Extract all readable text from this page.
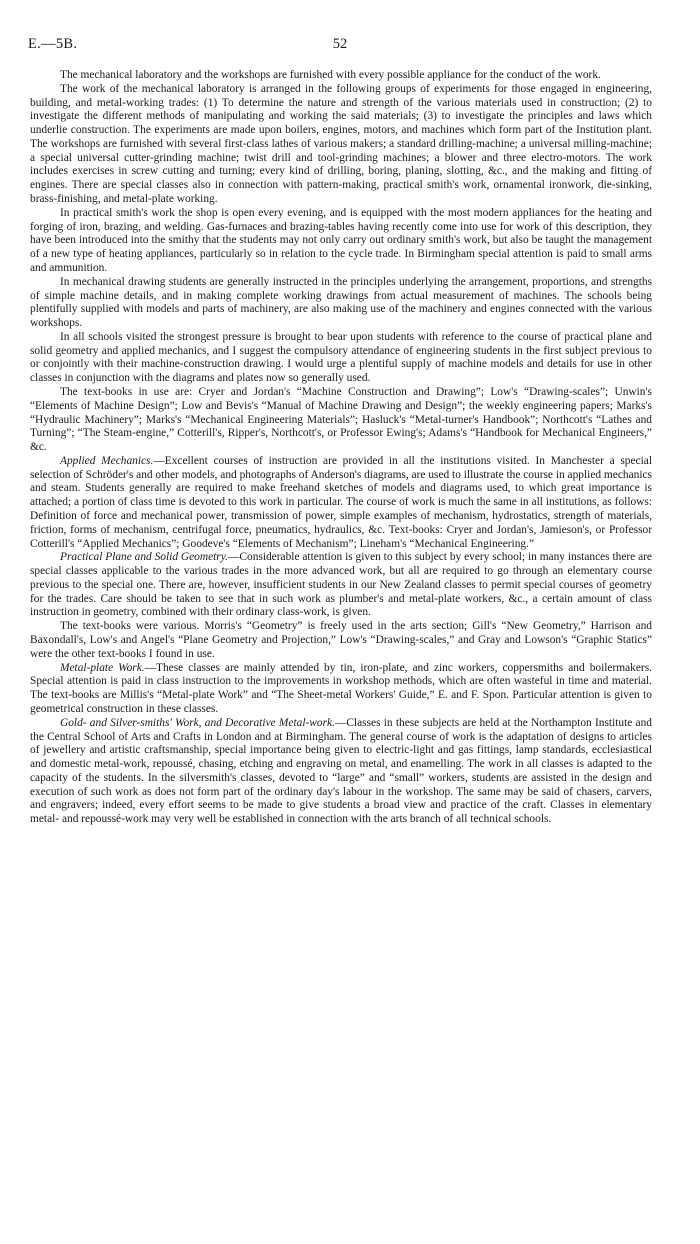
E.—5B.	52

The mechanical laboratory and the workshops are furnished with every possible appliance for the conduct of the work.

The work of the mechanical laboratory is arranged in the following groups of experiments for those engaged in engineering, building, and metal-working trades: (1) To determine the nature and strength of the various materials used in construction; (2) to investigate the different methods of manipulating and working the said materials; (3) to investigate the principles and laws which underlie construction. The experiments are made upon boilers, engines, motors, and machines which form part of the Institution plant. The workshops are furnished with several first-class lathes of various makers; a standard drilling-machine; a universal milling-machine; a special universal cutter-grinding machine; twist drill and tool-grinding machines; a blower and three electro-motors. The work includes exercises in screw cutting and turning; every kind of drilling, boring, planing, slotting, &c., and the making and fitting of engines. There are special classes also in connection with pattern-making, practical smith's work, ornamental ironwork, die-sinking, brass-finishing, and metal-plate working.

In practical smith's work the shop is open every evening, and is equipped with the most modern appliances for the heating and forging of iron, brazing, and welding. Gas-furnaces and brazing-tables having recently come into use for work of this description, they have been introduced into the smithy that the students may not only carry out ordinary smith's work, but also be taught the management of a new type of heating appliances, particularly so in relation to the cycle trade. In Birmingham special attention is paid to small arms and ammunition.

In mechanical drawing students are generally instructed in the principles underlying the arrangement, proportions, and strengths of simple machine details, and in making complete working drawings from actual measurement of machines. The schools being plentifully supplied with models and parts of machinery, are also making use of the machinery and engines connected with the various workshops.

In all schools visited the strongest pressure is brought to bear upon students with reference to the course of practical plane and solid geometry and applied mechanics, and I suggest the compulsory attendance of engineering students in the first subject previous to or conjointly with their machine-construction drawing. I would urge a plentiful supply of machine models and details for use in other classes in conjunction with the diagrams and plates now so generally used.

The text-books in use are: Cryer and Jordan's “Machine Construction and Drawing”; Low's “Drawing-scales”; Unwin's “Elements of Machine Design”; Low and Bevis's “Manual of Machine Drawing and Design”; the weekly engineering papers; Marks's “Hydraulic Machinery”; Marks's “Mechanical Engineering Materials”; Hasluck's “Metal-turner's Handbook”; Northcott's “Lathes and Turning”; “The Steam-engine,” Cotterill's, Ripper's, Northcott's, or Professor Ewing's; Adams's “Handbook for Mechanical Engineers,” &c.

Applied Mechanics.—Excellent courses of instruction are provided in all the institutions visited. In Manchester a special selection of Schröder's and other models, and photographs of Anderson's diagrams, are used to illustrate the course in applied mechanics and steam. Students generally are required to make freehand sketches of models and diagrams used, to which great importance is attached; a portion of class time is devoted to this work in particular. The course of work is much the same in all institutions, as follows: Definition of force and mechanical power, transmission of power, simple examples of mechanism, hydrostatics, strength of materials, friction, forms of mechanism, centrifugal force, pneumatics, hydraulics, &c. Text-books: Cryer and Jordan's, Jamieson's, or Professor Cotterill's “Applied Mechanics”; Goodeve's “Elements of Mechanism”; Lineham's “Mechanical Engineering.”

Practical Plane and Solid Geometry.—Considerable attention is given to this subject by every school; in many instances there are special classes applicable to the various trades in the more advanced work, but all are required to go through an elementary course previous to the special one. There are, however, insufficient students in our New Zealand classes to permit special courses of geometry for the trades. Care should be taken to see that in such work as plumber's and metal-plate workers, &c., a certain amount of class instruction in geometry, combined with their ordinary class-work, is given.

The text-books were various. Morris's “Geometry” is freely used in the arts section; Gill's “New Geometry,” Harrison and Baxondall's, Low's and Angel's “Plane Geometry and Projection,” Low's “Drawing-scales,” and Gray and Lowson's “Graphic Statics” were the other text-books I found in use.

Metal-plate Work.—These classes are mainly attended by tin, iron-plate, and zinc workers, coppersmiths and boilermakers. Special attention is paid in class instruction to the improvements in workshop methods, which are often wasteful in time and material. The text-books are Millis's “Metal-plate Work” and “The Sheet-metal Workers' Guide,” E. and F. Spon. Particular attention is given to geometrical construction in these classes.

Gold- and Silver-smiths' Work, and Decorative Metal-work.—Classes in these subjects are held at the Northampton Institute and the Central School of Arts and Crafts in London and at Birmingham. The general course of work is the adaptation of designs to articles of jewellery and artistic craftsmanship, special importance being given to electric-light and gas fittings, lamp standards, ecclesiastical and domestic metal-work, repoussé, chasing, etching and engraving on metal, and enamelling. The work in all classes is adapted to the capacity of the students. In the silversmith's classes, devoted to “large” and “small” workers, students are assisted in the design and execution of such work as does not form part of the ordinary day's labour in the workshop. The same may be said of chasers, carvers, and engravers; indeed, every effort seems to be made to give students a broad view and practice of the craft. Classes in elementary metal- and repoussé-work may very well be established in connection with the arts branch of all technical schools.
